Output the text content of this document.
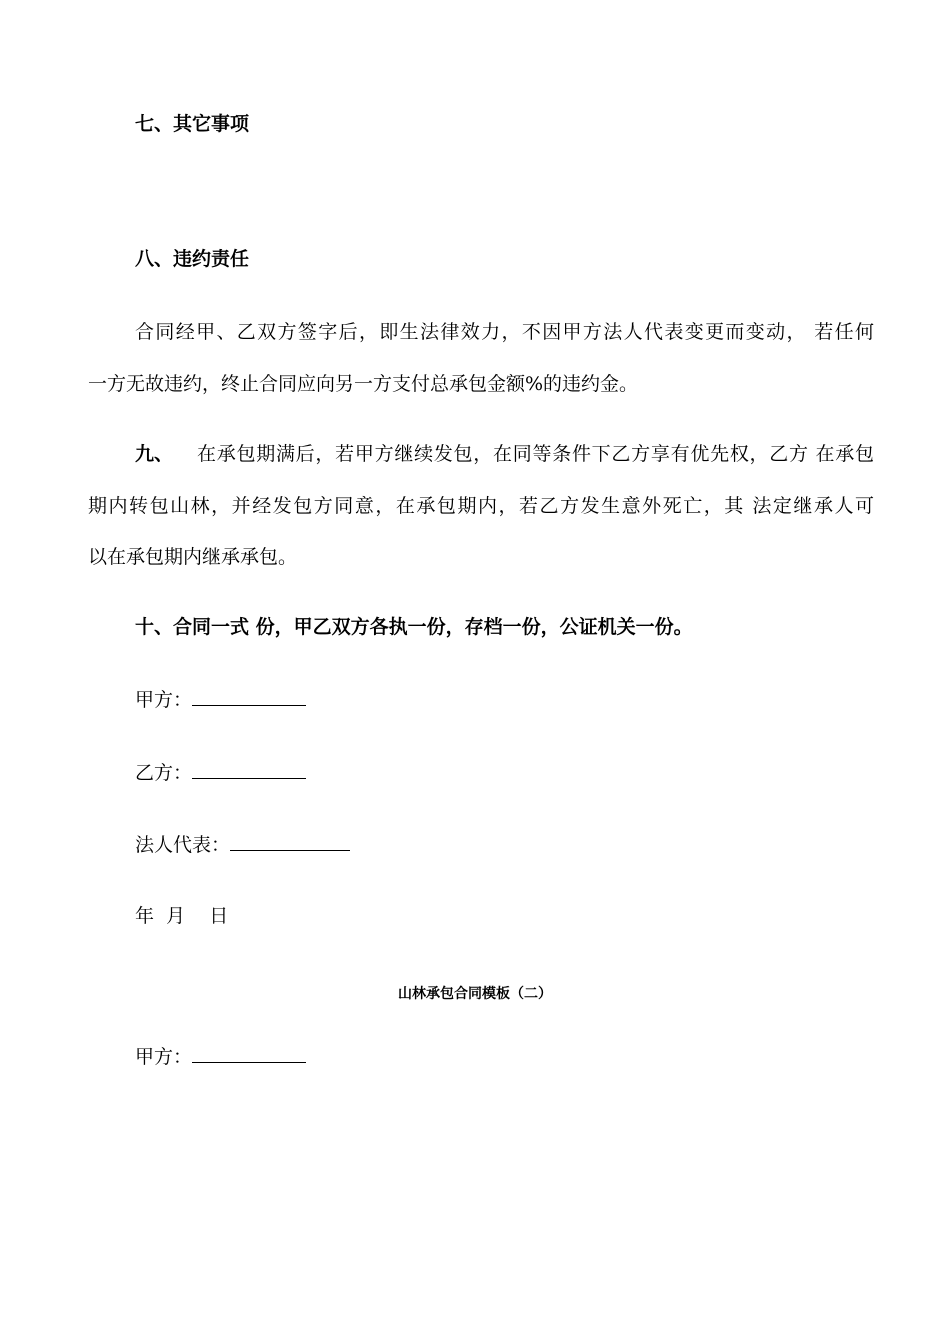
七、其它事项
八、违约责任
合同经甲、乙双方签字后，即生法律效力，不因甲方法人代表变更而变动， 若任何
一方无故违约，终止合同应向另一方支付总承包金额%的违约金。
九、 在承包期满后，若甲方继续发包，在同等条件下乙方享有优先权，乙方 在承包
期内转包山林，并经发包方同意，在承包期内，若乙方发生意外死亡，其 法定继承人可
以在承包期内继承承包。
十、合同一式 份，甲乙双方各执一份，存档一份，公证机关一份。
甲方：
乙方：
法人代表：
年  月    日
山林承包合同模板（二）
甲方：
